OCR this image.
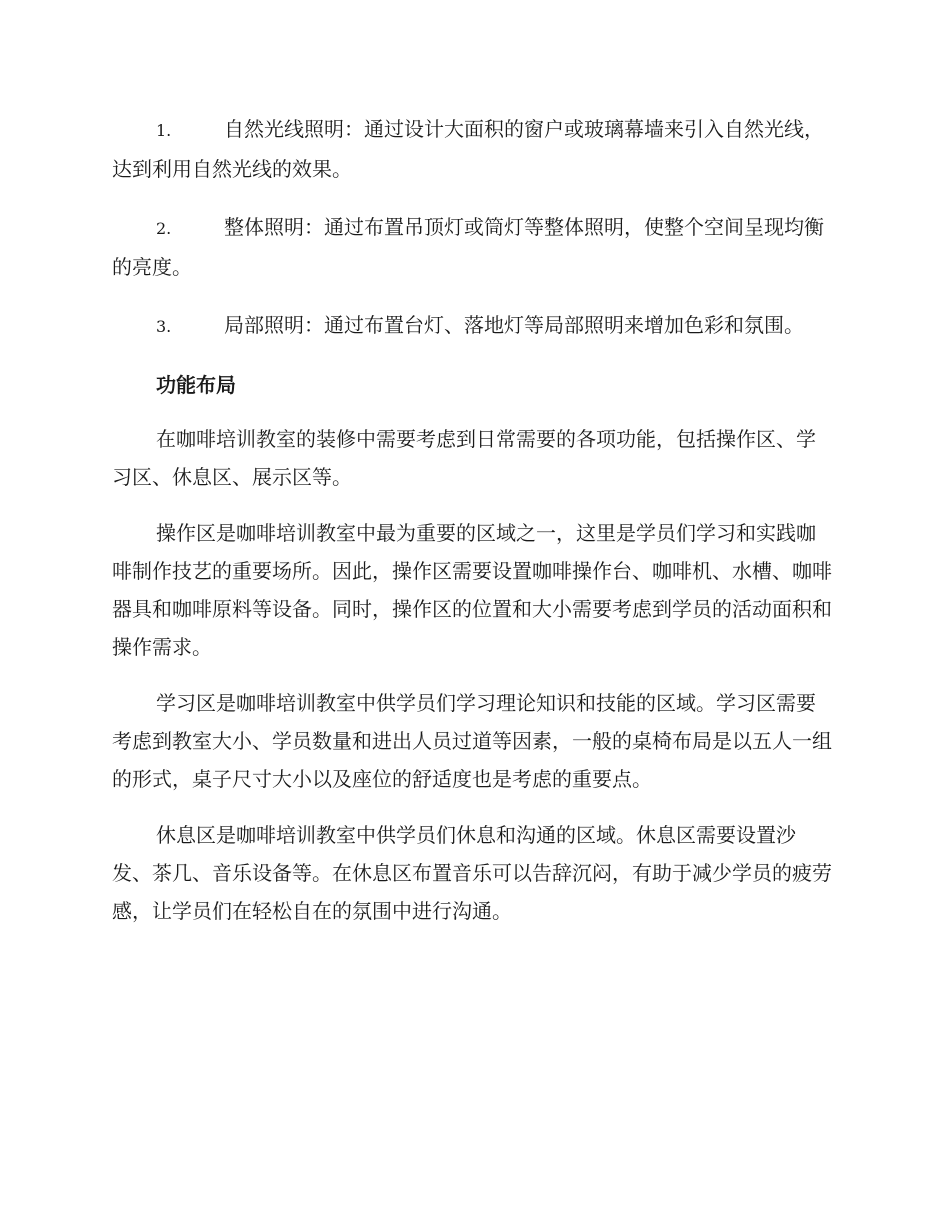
1.	自然光线照明：通过设计大面积的窗户或玻璃幕墙来引入自然光线，达到利用自然光线的效果。

2.	整体照明：通过布置吊顶灯或筒灯等整体照明，使整个空间呈现均衡的亮度。

3.	局部照明：通过布置台灯、落地灯等局部照明来增加色彩和氛围。

功能布局

在咖啡培训教室的装修中需要考虑到日常需要的各项功能，包括操作区、学习区、休息区、展示区等。

操作区是咖啡培训教室中最为重要的区域之一，这里是学员们学习和实践咖啡制作技艺的重要场所。因此，操作区需要设置咖啡操作台、咖啡机、水槽、咖啡器具和咖啡原料等设备。同时，操作区的位置和大小需要考虑到学员的活动面积和操作需求。

学习区是咖啡培训教室中供学员们学习理论知识和技能的区域。学习区需要考虑到教室大小、学员数量和进出人员过道等因素，一般的桌椅布局是以五人一组的形式，桌子尺寸大小以及座位的舒适度也是考虑的重要点。

休息区是咖啡培训教室中供学员们休息和沟通的区域。休息区需要设置沙发、茶几、音乐设备等。在休息区布置音乐可以告辞沉闷，有助于减少学员的疲劳感，让学员们在轻松自在的氛围中进行沟通。
